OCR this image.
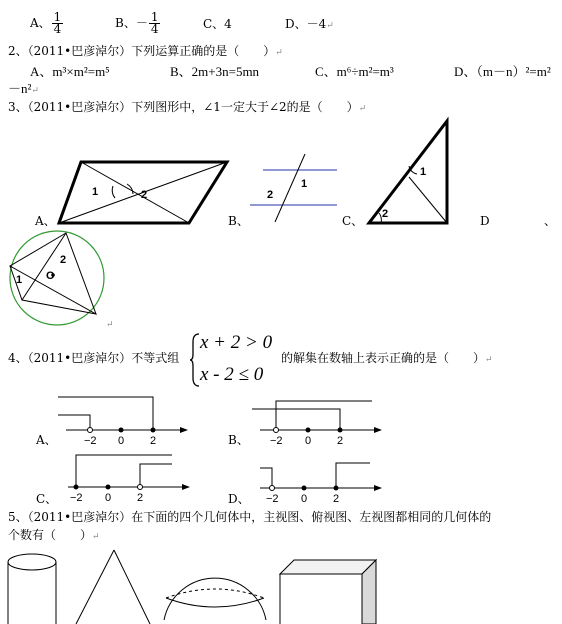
A、 $\frac{1}{4}$	B、－ $\frac{1}{4}$	C、4	D、－4↵
2、（2011•巴彦淖尔）下列运算正确的是（　　）↵
A、m³×m²=m⁵	B、2m+3n=5mn	C、m⁶÷m²=m³	D、（m－n）²=m²
－n²↵
3、（2011•巴彦淖尔）下列图形中，∠1一定大于∠2的是（　　）↵
A、	B、	C、	D	、
1	2
1
2
1
2
O
2
1
↵
4、（2011•巴彦淖尔）不等式组
x + 2 > 0
x - 2 ≤ 0
的解集在数轴上表示正确的是（　　）↵
A、	B、
C、	D、
−2 0 2	−2 0 2
−2 0 2	−2 0 2
5、（2011•巴彦淖尔）在下面的四个几何体中，主视图、俯视图、左视图都相同的几何体的
个数有（　　）↵
